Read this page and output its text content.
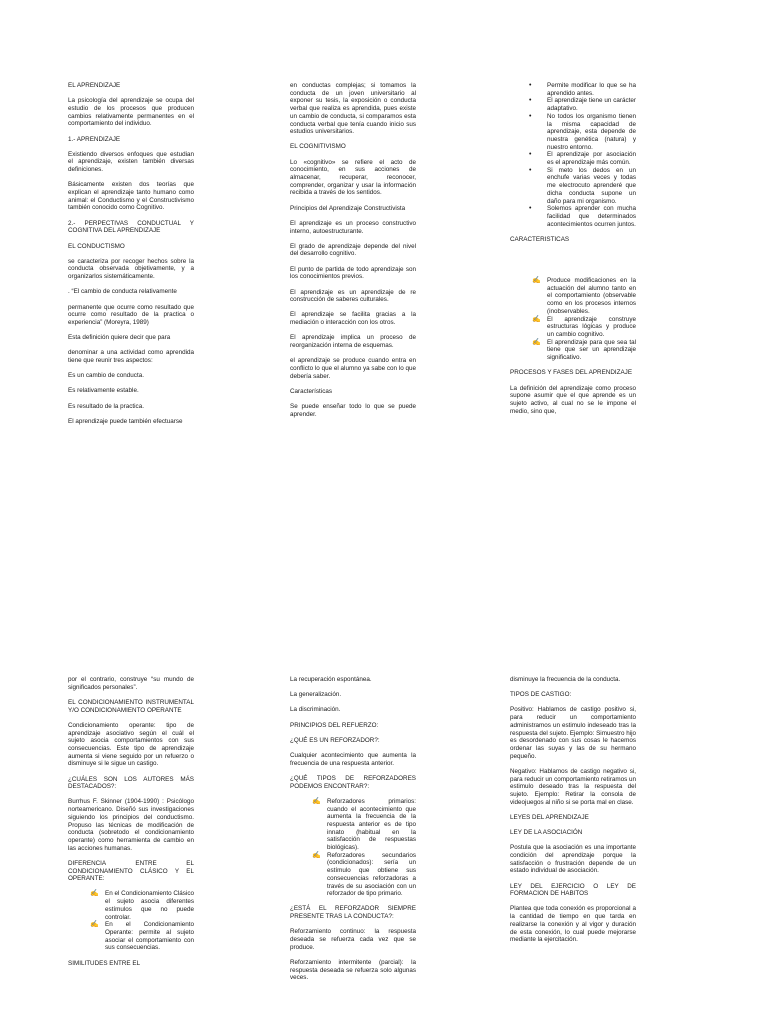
EL APRENDIZAJE

La psicología del aprendizaje se ocupa del estudio de los procesos que producen cambios relativamente permanentes en el comportamiento del individuo.

1.- APRENDIZAJE

Existiendo diversos enfoques que estudian el aprendizaje, existen también diversas definiciones.

Básicamente existen dos teorías que explican el aprendizaje tanto humano como animal: el Conductismo y el Constructivismo también conocido como Cognitivo.

2.- PERPECTIVAS CONDUCTUAL Y COGNITIVA DEL APRENDIZAJE

EL CONDUCTISMO

se caracteriza por recoger hechos sobre la conducta observada objetivamente, y a organizarlos sistemáticamente.

. “El cambio de conducta relativamente

permanente que ocurre como resultado que ocurre como resultado de la practica o experiencia” (Moreyra, 1989)

Esta definición quiere decir que para

denominar a una actividad como aprendida tiene que reunir tres aspectos:

Es un cambio de conducta.

Es relativamente estable.

Es resultado de la practica.

El aprendizaje puede también efectuarse

en conductas complejas; si tomamos la conducta de un joven universitario al exponer su tesis, la exposición o conducta verbal que realiza es aprendida, pues existe un cambio de conducta, si comparamos esta conducta verbal que tenía cuando inicio sus estudios universitarios.

EL COGNITIVISMO

Lo «cognitivo» se refiere el acto de conocimiento, en sus acciones de almacenar, recuperar, reconocer, comprender, organizar y usar la información recibida a través de los sentidos.

Principios del Aprendizaje Constructivista

El aprendizaje es un proceso constructivo interno, autoestructurante.

El grado de aprendizaje depende del nivel del desarrollo cognitivo.

El punto de partida de todo aprendizaje son los conocimientos previos.

El aprendizaje es un aprendizaje de re construcción de saberes culturales.

El aprendizaje se facilita gracias a la mediación o interacción con los otros.

El aprendizaje implica un proceso de reorganización interna de esquemas.

el aprendizaje se produce cuando entra en conflicto lo que el alumno ya sabe con lo que debería saber.

Características

Se puede enseñar todo lo que se puede aprender.

• Permite modificar lo que se ha aprendido antes.
• El aprendizaje tiene un carácter adaptativo.
• No todos los organismo tienen la misma capacidad de aprendizaje, esta depende de nuestra genética (natura) y nuestro entorno.
• El aprendizaje por asociación es el aprendizaje más común.
• Si meto los dedos en un enchufe varias veces y todas me electrocuto aprenderé que dicha conducta supone un daño para mi organismo.
• Solemos aprender con mucha facilidad que determinados acontecimientos ocurren juntos.

CARACTERISTICAS

✍ Produce modificaciones en la actuación del alumno tanto en el comportamiento (observable como en los procesos internos (inobservables.
✍ El aprendizaje construye estructuras lógicas y produce un cambio cognitivo.
✍ El aprendizaje para que sea tal tiene que ser un aprendizaje significativo.

PROCESOS Y FASES DEL APRENDIZAJE

La definición del aprendizaje como proceso supone asumir que el que aprende es un sujeto activo, al cual no se le impone el medio, sino que,

por el contrario, construye “su mundo de significados personales”.

EL CONDICIONAMIENTO INSTRUMENTAL Y/O CONDICIONAMIENTO OPERANTE

Condicionamiento operante: tipo de aprendizaje asociativo según el cuál el sujeto asocia comportamientos con sus consecuencias. Este tipo de aprendizaje aumenta si viene seguido por un refuerzo o disminuye si le sigue un castigo.

¿CUÁLES SON LOS AUTORES MÁS DESTACADOS?:

Burrhus F. Skinner (1904-1990) : Psicólogo norteamericano. Diseñó sus investigaciones siguiendo los principios del conductismo. Propuso las técnicas de modificación de conducta (sobretodo el condicionamiento operante) como herramienta de cambio en las acciones humanas.

DIFERENCIA ENTRE EL CONDICIONAMIENTO CLÁSICO Y EL OPERANTE:

✍ En el Condicionamiento Clásico el sujeto asocia diferentes estímulos que no puede controlar.
✍ En el Condicionamiento Operante: permite al sujeto asociar el comportamiento con sus consecuencias.

SIMILITUDES ENTRE EL

La recuperación espontánea.

La generalización.

La discriminación.

PRINCIPIOS DEL REFUERZO:

¿QUÉ ES UN REFORZADOR?:

Cualquier acontecimiento que aumenta la frecuencia de una respuesta anterior.

¿QUÉ TIPOS DE REFORZADORES PODEMOS ENCONTRAR?:

✍ Reforzadores primarios: cuando el acontecimiento que aumenta la frecuencia de la respuesta anterior es de tipo innato (habitual en la satisfacción de respuestas biológicas).
✍ Reforzadores secundarios (condicionados): sería un estímulo que obtiene sus consecuencias reforzadoras a través de su asociación con un reforzador de tipo primario.

¿ESTÁ EL REFORZADOR SIEMPRE PRESENTE TRAS LA CONDUCTA?:

Reforzamiento continuo: la respuesta deseada se refuerza cada vez que se produce.

Reforzamiento intermitente (parcial): la respuesta deseada se refuerza solo algunas veces.

disminuye la frecuencia de la conducta.

TIPOS DE CASTIGO:

Positivo: Hablamos de castigo positivo si, para reducir un comportamiento administramos un estimulo indeseado tras la respuesta del sujeto. Ejemplo: Simuestro hijo es desordenado con sus cosas le hacemos ordenar las suyas y las de su hermano pequeño.

Negativo: Hablamos de castigo negativo si, para reducir un comportamiento retiramos un estimulo deseado tras la respuesta del sujeto. Ejemplo: Retirar la consola de videojuegos al niño si se porta mal en clase.

LEYES DEL APRENDIZAJE

LEY DE LA ASOCIACIÓN

Postula que la asociación es una importante condición del aprendizaje porque la satisfacción o frustración depende de un estado individual de asociación.

LEY DEL EJERCICIO O LEY DE FORMACION DE HABITOS

Plantea que toda conexión es proporcional a la cantidad de tiempo en que tarda en realizarse la conexión y al vigor y duración de esta conexión, lo cual puede mejorarse mediante la ejercitación.
